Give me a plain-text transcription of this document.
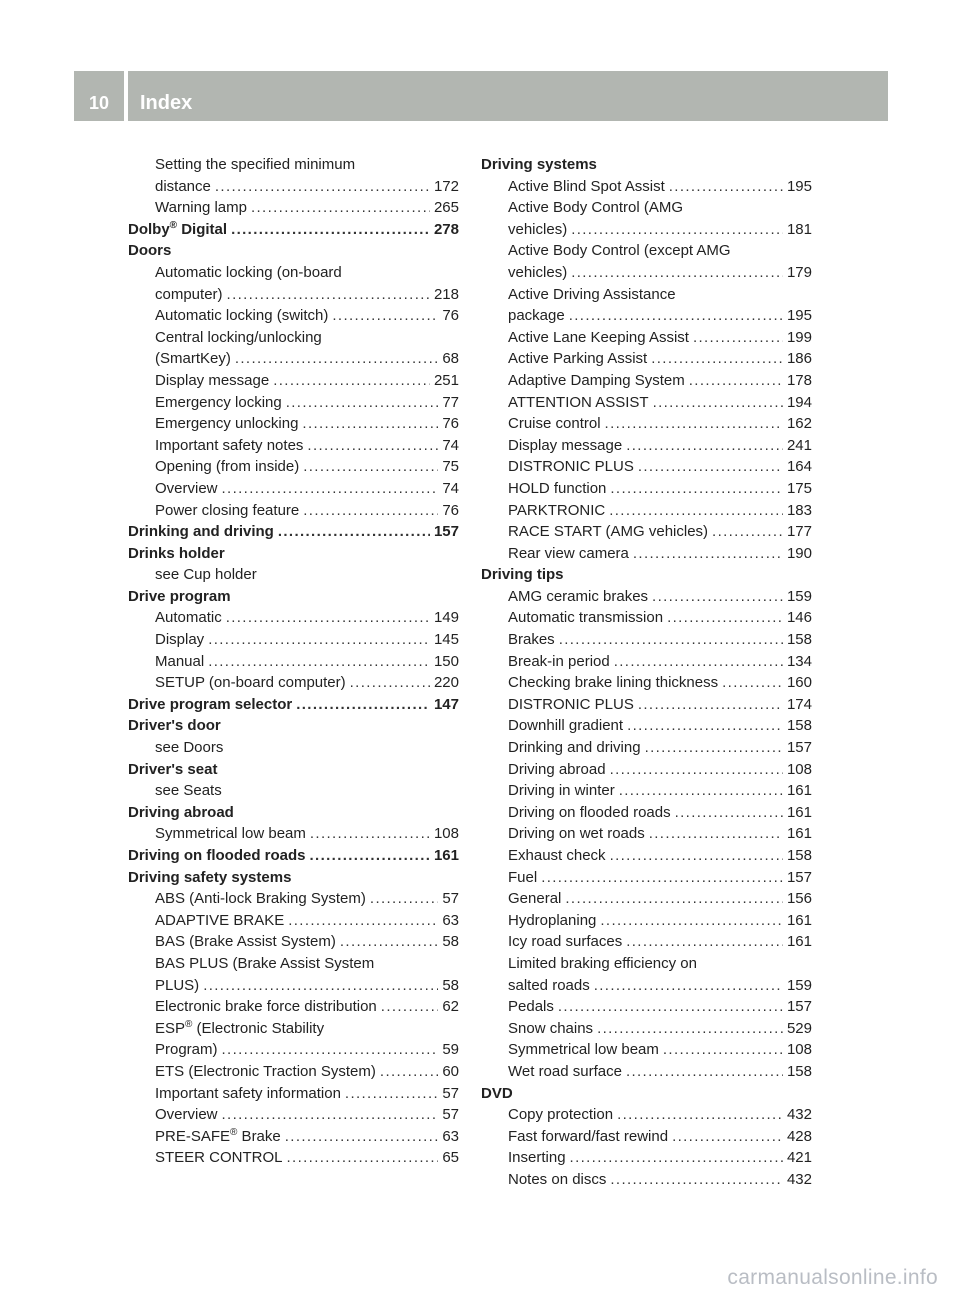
10	Index
Setting the specified minimum
distance . . .	172
Warning lamp . . .	265
Dolby® Digital . . .	278
Doors
Automatic locking (on-board
computer) . . .	218
Automatic locking (switch) . . .	76
Central locking/unlocking
(SmartKey) . . .	68
Display message . . .	251
Emergency locking . . .	77
Emergency unlocking . . .	76
Important safety notes . . .	74
Opening (from inside) . . .	75
Overview . . .	74
Power closing feature . . .	76
Drinking and driving . . .	157
Drinks holder
see Cup holder
Drive program
Automatic . . .	149
Display . . .	145
Manual . . .	150
SETUP (on-board computer) . . .	220
Drive program selector . . .	147
Driver's door
see Doors
Driver's seat
see Seats
Driving abroad
Symmetrical low beam . . .	108
Driving on flooded roads . . .	161
Driving safety systems
ABS (Anti-lock Braking System) . . .	57
ADAPTIVE BRAKE . . .	63
BAS (Brake Assist System) . . .	58
BAS PLUS (Brake Assist System
PLUS) . . .	58
Electronic brake force distribution . . .	62
ESP® (Electronic Stability
Program) . . .	59
ETS (Electronic Traction System) . . .	60
Important safety information . . .	57
Overview . . .	57
PRE-SAFE® Brake . . .	63
STEER CONTROL . . .	65
Driving systems
Active Blind Spot Assist . . .	195
Active Body Control (AMG
vehicles) . . .	181
Active Body Control (except AMG
vehicles) . . .	179
Active Driving Assistance
package . . .	195
Active Lane Keeping Assist . . .	199
Active Parking Assist . . .	186
Adaptive Damping System . . .	178
ATTENTION ASSIST . . .	194
Cruise control . . .	162
Display message . . .	241
DISTRONIC PLUS . . .	164
HOLD function . . .	175
PARKTRONIC . . .	183
RACE START (AMG vehicles) . . .	177
Rear view camera . . .	190
Driving tips
AMG ceramic brakes . . .	159
Automatic transmission . . .	146
Brakes . . .	158
Break-in period . . .	134
Checking brake lining thickness . . .	160
DISTRONIC PLUS . . .	174
Downhill gradient . . .	158
Drinking and driving . . .	157
Driving abroad . . .	108
Driving in winter . . .	161
Driving on flooded roads . . .	161
Driving on wet roads . . .	161
Exhaust check . . .	158
Fuel . . .	157
General . . .	156
Hydroplaning . . .	161
Icy road surfaces . . .	161
Limited braking efficiency on
salted roads . . .	159
Pedals . . .	157
Snow chains . . .	529
Symmetrical low beam . . .	108
Wet road surface . . .	158
DVD
Copy protection . . .	432
Fast forward/fast rewind . . .	428
Inserting . . .	421
Notes on discs . . .	432
carmanualsonline.info
